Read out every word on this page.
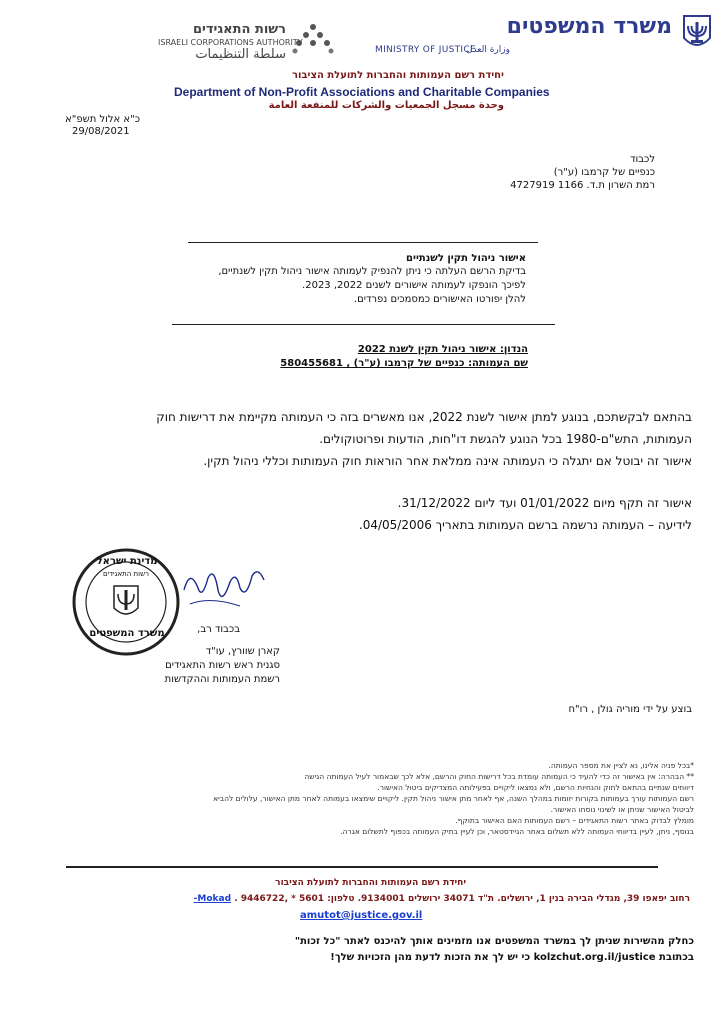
משרד המשפטים
وزارة العدل
MINISTRY OF JUSTICE
רשות התאגידים
ISRAELI CORPORATIONS AUTHORITY
سلطة التنظيمات
יחידת רשם העמותות והחברות לתועלת הציבור
Department of Non-Profit Associations and Charitable Companies
وحدة مسجل الجمعيات والشركات للمنفعة العامة
כ"א אלול תשפ"א
29/08/2021
לכבוד
כנפיים של קרמבו (ע"ר)
רמת השרון ת.ד. 1166 4727919
אישור ניהול תקין לשנתיים
בדיקת הרשם העלתה כי ניתן להנפיק לעמותה אישור ניהול תקין לשנתיים,
לפיכך הונפקו לעמותה אישורים לשנים 2022, 2023.
להלן יפורטו האישורים כמסמכים נפרדים.
הנדון: אישור ניהול תקין לשנת 2022
שם העמותה: כנפיים של קרמבו (ע"ר) , 580455681
בהתאם לבקשתכם, בנוגע למתן אישור לשנת 2022, אנו מאשרים בזה כי העמותה מקיימת את דרישות חוק
העמותות, התש"ם-1980 בכל הנוגע להגשת דו"חות, הודעות ופרוטוקולים.
אישור זה יבוטל אם יתגלה כי העמותה אינה ממלאת אחר הוראות חוק העמותות וכללי ניהול תקין.
אישור זה תקף מיום 01/01/2022 ועד ליום 31/12/2022.
לידיעה – העמותה נרשמה ברשם העמותות בתאריך 04/05/2006.
מדינת ישראל
רשות התאגידים
משרד המשפטים	בכבוד רב,
קארן שוורץ, עו"ד
סגנית ראש רשות התאגידים
רשמת העמותות וההקדשות
בוצע על ידי מוריה גולן , רו"ח
*בכל פניה אלינו, נא לציין את מספר העמותה.
** הבהרה: אין באישור זה כדי להעיד כי העמותה עומדת בכל דרישות החוק והרשם, אלא לכך שבאמור לעיל העמותה הגישה
דיווחים שנתיים בהתאם לחוק והנחיות הרשם, ולא נמצאו ליקויים בפעילותה המצדיקים ביטול האישור.
רשם העמותות עורך בעמותות בקורות יזומות במהלך השנה, אף לאחר מתן אישור ניהול תקין. ליקויים שימצאו בעמותה לאחר מתן האישור, עלולים להביא
לביטול האישור שניתן או לשינוי נוסחו האישור.
מומלץ לבדוק באתר רשות התאגידים – רשם העמותות האם האישור בתוקף.
בנוסף, ניתן, לעיין בדיווחי העמותה ללא תשלום באתר הגיידסטאר, וכן לעיין בתיק העמותה בכפוף לתשלום אגרה.
יחידת רשם העמותות והחברות לתועלת הציבור
רחוב יפאפו 39, מגדלי הבירה בנין 1, ירושלים. ת"ד 34071 ירושלים 9134001. טלפון: 5601 * ,9446722 . Mokad-
amutot@justice.gov.il
כחלק מהשירות שניתן לך במשרד המשפטים אנו מזמינים אותך להיכנס לאתר "כל זכות"
בכתובת kolzchut.org.il/justice כי יש לך את הזכות לדעת מהן הזכויות שלך!
